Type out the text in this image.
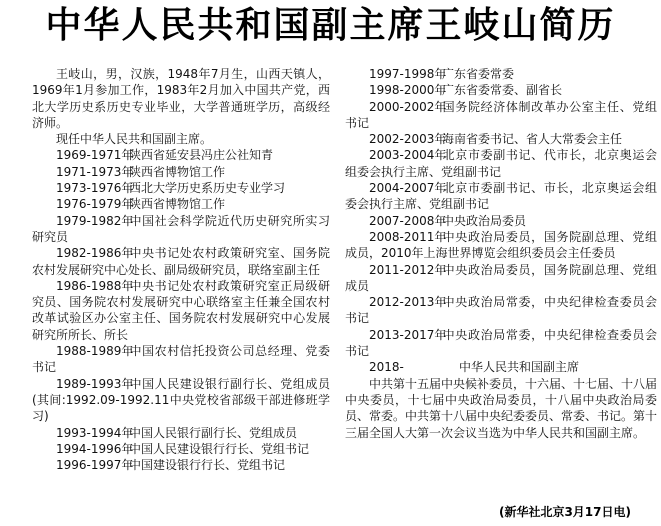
中华人民共和国副主席王岐山简历

王岐山，男，汉族，1948年7月生，山西天镇人，1969年1月参加工作，1983年2月加入中国共产党，西北大学历史系历史专业毕业，大学普通班学历，高级经济师。

现任中华人民共和国副主席。

1969-1971年陕西省延安县冯庄公社知青

1971-1973年陕西省博物馆工作

1973-1976年西北大学历史系历史专业学习

1976-1979年陕西省博物馆工作

1979-1982年中国社会科学院近代历史研究所实习研究员

1982-1986年中央书记处农村政策研究室、国务院农村发展研究中心处长、副局级研究员，联络室副主任

1986-1988年中央书记处农村政策研究室正局级研究员、国务院农村发展研究中心联络室主任兼全国农村改革试验区办公室主任、国务院农村发展研究中心发展研究所所长、所长

1988-1989年中国农村信托投资公司总经理、党委书记

1989-1993年中国人民建设银行副行长、党组成员(其间:1992.09-1992.11中央党校省部级干部进修班学习)

1993-1994年中国人民银行副行长、党组成员

1994-1996年中国人民建设银行行长、党组书记

1996-1997年中国建设银行行长、党组书记

1997-1998年广东省委常委

1998-2000年广东省委常委、副省长

2000-2002年国务院经济体制改革办公室主任、党组书记

2002-2003年海南省委书记、省人大常委会主任

2003-2004年北京市委副书记、代市长，北京奥运会组委会执行主席、党组副书记

2004-2007年北京市委副书记、市长，北京奥运会组委会执行主席、党组副书记

2007-2008年中央政治局委员

2008-2011年中央政治局委员，国务院副总理、党组成员，2010年上海世界博览会组织委员会主任委员

2011-2012年中央政治局委员，国务院副总理、党组成员

2012-2013年中央政治局常委，中央纪律检查委员会书记

2013-2017年中央政治局常委，中央纪律检查委员会书记

2018-	中华人民共和国副主席

中共第十五届中央候补委员，十六届、十七届、十八届中央委员，十七届中央政治局委员，十八届中央政治局委员、常委。中共第十八届中央纪委委员、常委、书记。第十三届全国人大第一次会议当选为中华人民共和国副主席。

(新华社北京3月17日电)
